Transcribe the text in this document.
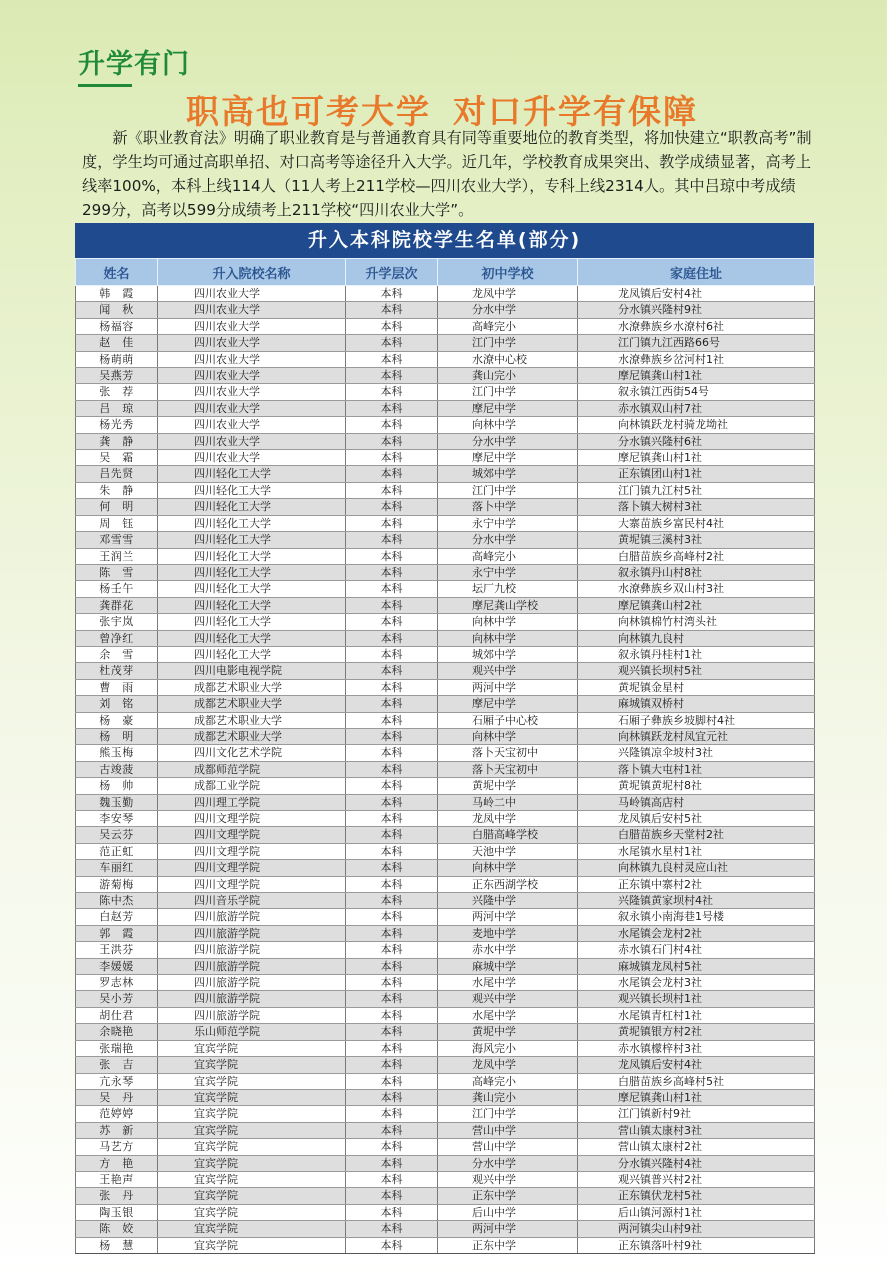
升学有门
职高也可考大学 对口升学有保障
新《职业教育法》明确了职业教育是与普通教育具有同等重要地位的教育类型，将加快建立“职教高考”制度，学生均可通过高职单招、对口高考等途径升入大学。近几年，学校教育成果突出、教学成绩显著，高考上线率100%，本科上线114人（11人考上211学校—四川农业大学），专科上线2314人。其中吕琼中考成绩299分，高考以599分成绩考上211学校“四川农业大学”。
升入本科院校学生名单(部分)
姓名	升入院校名称	升学层次	初中学校	家庭住址
韩　霞	四川农业大学	本科	龙凤中学	龙凤镇后安村4社
闻　秋	四川农业大学	本科	分水中学	分水镇兴隆村9社
杨福容	四川农业大学	本科	高峰完小	水潦彝族乡水潦村6社
赵　佳	四川农业大学	本科	江门中学	江门镇九江西路66号
杨萌萌	四川农业大学	本科	水潦中心校	水潦彝族乡岔河村1社
吴燕芳	四川农业大学	本科	龚山完小	摩尼镇龚山村1社
张　荐	四川农业大学	本科	江门中学	叙永镇江西街54号
吕　琼	四川农业大学	本科	摩尼中学	赤水镇双山村7社
杨光秀	四川农业大学	本科	向林中学	向林镇跃龙村骑龙坳社
龚　静	四川农业大学	本科	分水中学	分水镇兴隆村6社
吴　霜	四川农业大学	本科	摩尼中学	摩尼镇龚山村1社
吕先贤	四川轻化工大学	本科	城郊中学	正东镇团山村1社
朱　静	四川轻化工大学	本科	江门中学	江门镇九江村5社
何　明	四川轻化工大学	本科	落卜中学	落卜镇大树村3社
周　钰	四川轻化工大学	本科	永宁中学	大寨苗族乡富民村4社
邓雪雪	四川轻化工大学	本科	分水中学	黄坭镇三溪村3社
王润兰	四川轻化工大学	本科	高峰完小	白腊苗族乡高峰村2社
陈　雪	四川轻化工大学	本科	永宁中学	叙永镇丹山村8社
杨壬午	四川轻化工大学	本科	坛厂九校	水潦彝族乡双山村3社
龚群花	四川轻化工大学	本科	摩尼龚山学校	摩尼镇龚山村2社
张宇岚	四川轻化工大学	本科	向林中学	向林镇棉竹村湾头社
曾净红	四川轻化工大学	本科	向林中学	向林镇九良村
余　雪	四川轻化工大学	本科	城郊中学	叙永镇丹桂村1社
杜茂芽	四川电影电视学院	本科	观兴中学	观兴镇长坝村5社
曹　雨	成都艺术职业大学	本科	两河中学	黄坭镇金星村
刘　铭	成都艺术职业大学	本科	摩尼中学	麻城镇双桥村
杨　豪	成都艺术职业大学	本科	石厢子中心校	石厢子彝族乡坡脚村4社
杨　明	成都艺术职业大学	本科	向林中学	向林镇跃龙村凤宜元社
熊玉梅	四川文化艺术学院	本科	落卜天宝初中	兴隆镇凉伞坡村3社
古竣菠	成都师范学院	本科	落卜天宝初中	落卜镇大屯村1社
杨　帅	成都工业学院	本科	黄坭中学	黄坭镇黄坭村8社
魏玉勤	四川理工学院	本科	马岭二中	马岭镇高店村
李安琴	四川文理学院	本科	龙凤中学	龙凤镇后安村5社
吴云芬	四川文理学院	本科	白腊高峰学校	白腊苗族乡天堂村2社
范正虹	四川文理学院	本科	天池中学	水尾镇水星村1社
车丽红	四川文理学院	本科	向林中学	向林镇九良村灵应山社
游菊梅	四川文理学院	本科	正东西湖学校	正东镇中寨村2社
陈中杰	四川音乐学院	本科	兴隆中学	兴隆镇黄家坝村4社
白赵芳	四川旅游学院	本科	两河中学	叙永镇小南海巷1号楼
郭　霞	四川旅游学院	本科	麦地中学	水尾镇会龙村2社
王洪芬	四川旅游学院	本科	赤水中学	赤水镇石门村4社
李媛媛	四川旅游学院	本科	麻城中学	麻城镇龙凤村5社
罗志林	四川旅游学院	本科	水尾中学	水尾镇会龙村3社
吴小芳	四川旅游学院	本科	观兴中学	观兴镇长坝村1社
胡仕君	四川旅游学院	本科	水尾中学	水尾镇青杠村1社
余晓艳	乐山师范学院	本科	黄坭中学	黄坭镇银方村2社
张瑞艳	宜宾学院	本科	海风完小	赤水镇檬梓村3社
张　吉	宜宾学院	本科	龙凤中学	龙凤镇后安村4社
亢永琴	宜宾学院	本科	高峰完小	白腊苗族乡高峰村5社
吴　丹	宜宾学院	本科	龚山完小	摩尼镇龚山村1社
范婷婷	宜宾学院	本科	江门中学	江门镇新村9社
苏　新	宜宾学院	本科	营山中学	营山镇太康村3社
马艺方	宜宾学院	本科	营山中学	营山镇太康村2社
方　艳	宜宾学院	本科	分水中学	分水镇兴隆村4社
王艳声	宜宾学院	本科	观兴中学	观兴镇普兴村2社
张　丹	宜宾学院	本科	正东中学	正东镇伏龙村5社
陶玉银	宜宾学院	本科	后山中学	后山镇河源村1社
陈　姣	宜宾学院	本科	两河中学	两河镇尖山村9社
杨　慧	宜宾学院	本科	正东中学	正东镇落叶村9社
